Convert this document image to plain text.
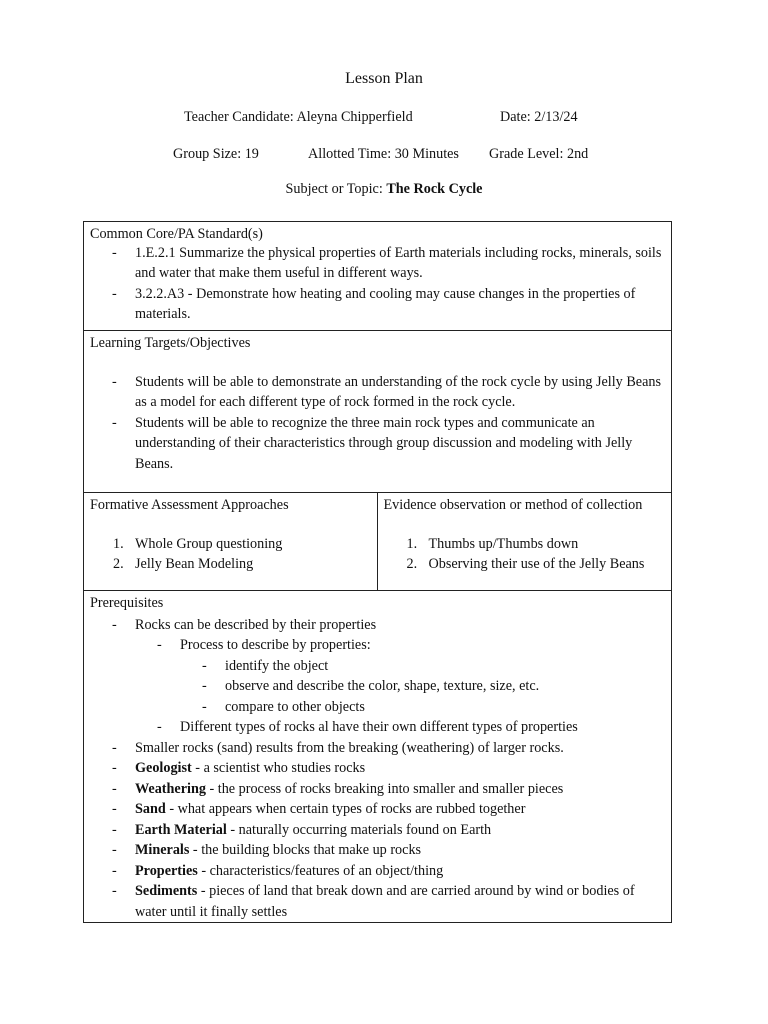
Lesson Plan
Teacher Candidate: Aleyna Chipperfield	Date: 2/13/24
Group Size: 19	Allotted Time: 30 Minutes Grade Level: 2nd
Subject or Topic: The Rock Cycle
Common Core/PA Standard(s)
- 1.E.2.1 Summarize the physical properties of Earth materials including rocks, minerals, soils and water that make them useful in different ways.
- 3.2.2.A3 - Demonstrate how heating and cooling may cause changes in the properties of materials.
Learning Targets/Objectives
- Students will be able to demonstrate an understanding of the rock cycle by using Jelly Beans as a model for each different type of rock formed in the rock cycle.
- Students will be able to recognize the three main rock types and communicate an understanding of their characteristics through group discussion and modeling with Jelly Beans.
Formative Assessment Approaches
1. Whole Group questioning
2. Jelly Bean Modeling
Evidence observation or method of collection
1. Thumbs up/Thumbs down
2. Observing their use of the Jelly Beans
Prerequisites
- Rocks can be described by their properties
- Process to describe by properties:
- identify the object
- observe and describe the color, shape, texture, size, etc.
- compare to other objects
- Different types of rocks al have their own different types of properties
- Smaller rocks (sand) results from the breaking (weathering) of larger rocks.
- Geologist - a scientist who studies rocks
- Weathering - the process of rocks breaking into smaller and smaller pieces
- Sand - what appears when certain types of rocks are rubbed together
- Earth Material - naturally occurring materials found on Earth
- Minerals - the building blocks that make up rocks
- Properties - characteristics/features of an object/thing
- Sediments - pieces of land that break down and are carried around by wind or bodies of water until it finally settles
